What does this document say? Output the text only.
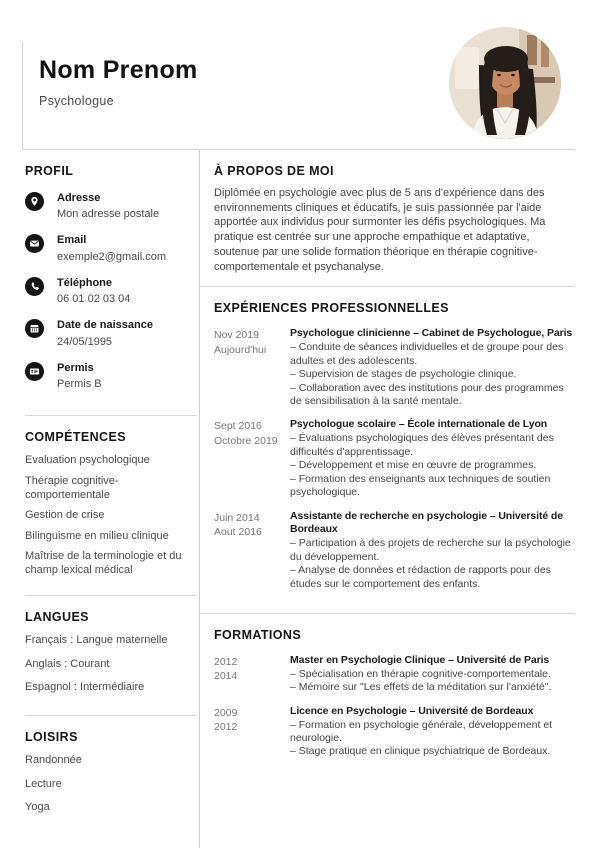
Nom Prenom
Psychologue
PROFIL
Adresse
Mon adresse postale
Email
exemple2@gmail.com
Téléphone
06 01 02 03 04
Date de naissance
24/05/1995
Permis
Permis B
COMPÉTENCES
Evaluation psychologique
Thérapie cognitive-comportementale
Gestion de crise
Bilinguisme en milieu clinique
Maîtrise de la terminologie et du champ lexical médical
LANGUES
Français : Langue maternelle
Anglais : Courant
Espagnol : Intermédiaire
LOISIRS
Randonnée
Lecture
Yoga
À PROPOS DE MOI

Diplômée en psychologie avec plus de 5 ans d'expérience dans des environnements cliniques et éducatifs, je suis passionnée par l'aide apportée aux individus pour surmonter les défis psychologiques. Ma pratique est centrée sur une approche empathique et adaptative, soutenue par une solide formation théorique en thérapie cognitive-comportementale et psychanalyse.

EXPÉRIENCES PROFESSIONNELLES
Nov 2019
Aujourd'hui
Psychologue clinicienne – Cabinet de Psychologue, Paris
– Conduite de séances individuelles et de groupe pour des adultes et des adolescents.
– Supervision de stages de psychologie clinique.
– Collaboration avec des institutions pour des programmes de sensibilisation à la santé mentale.
Sept 2016
Octobre 2019
Psychologue scolaire – École internationale de Lyon
– Évaluations psychologiques des élèves présentant des difficultés d'apprentissage.
– Développement et mise en œuvre de programmes.
– Formation des enseignants aux techniques de soutien psychologique.
Juin 2014
Aout 2016
Assistante de recherche en psychologie – Université de Bordeaux
– Participation à des projets de recherche sur la psychologie du développement.
– Analyse de données et rédaction de rapports pour des études sur le comportement des enfants.
FORMATIONS
2012
2014
Master en Psychologie Clinique – Université de Paris
– Spécialisation en thérapie cognitive-comportementale.
– Mémoire sur "Les effets de la méditation sur l'anxiété".
2009
2012
Licence en Psychologie – Université de Bordeaux
– Formation en psychologie générale, développement et neurologie.
– Stage pratique en clinique psychiatrique de Bordeaux.
